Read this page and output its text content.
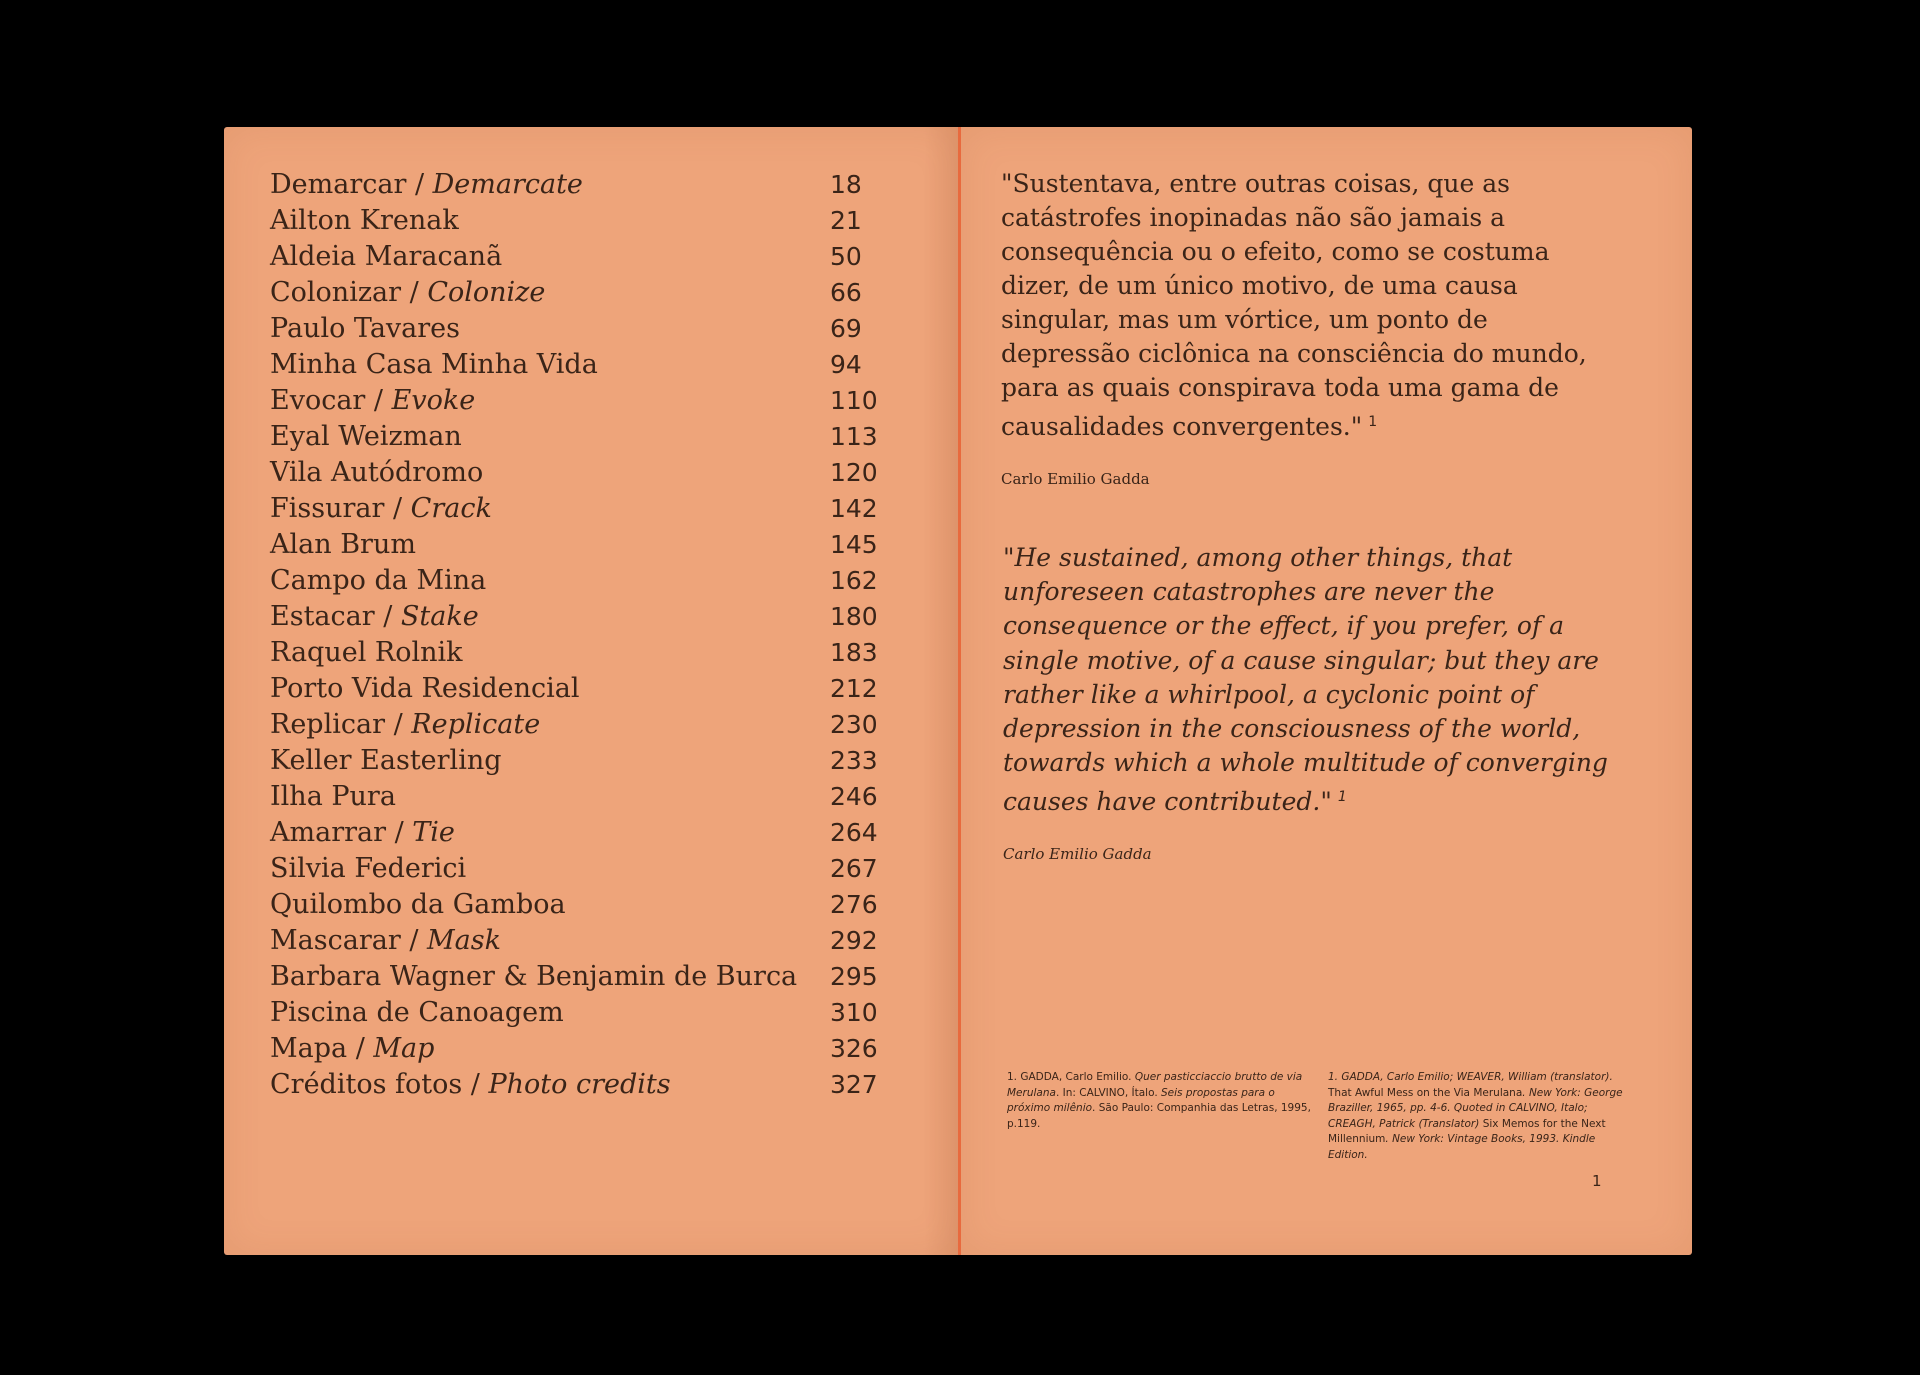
Demarcar / Demarcate	18
Ailton Krenak	21
Aldeia Maracanã	50
Colonizar / Colonize	66
Paulo Tavares	69
Minha Casa Minha Vida	94
Evocar / Evoke	110
Eyal Weizman	113
Vila Autódromo	120
Fissurar / Crack	142
Alan Brum	145
Campo da Mina	162
Estacar / Stake	180
Raquel Rolnik	183
Porto Vida Residencial	212
Replicar / Replicate	230
Keller Easterling	233
Ilha Pura	246
Amarrar / Tie	264
Silvia Federici	267
Quilombo da Gamboa	276
Mascarar / Mask	292
Barbara Wagner & Benjamin de Burca 295
Piscina de Canoagem	310
Mapa / Map	326
Créditos fotos / Photo credits	327
"Sustentava, entre outras coisas, que as catástrofes inopinadas não são jamais a consequência ou o efeito, como se costuma dizer, de um único motivo, de uma causa singular, mas um vórtice, um ponto de depressão ciclônica na consciência do mundo, para as quais conspirava toda uma gama de causalidades convergentes." $^1$
Carlo Emilio Gadda
"He sustained, among other things, that unforeseen catastrophes are never the consequence or the effect, if you prefer, of a single motive, of a cause singular; but they are rather like a whirlpool, a cyclonic point of depression in the consciousness of the world, towards which a whole multitude of converging causes have contributed." $^1$
Carlo Emilio Gadda
1. GADDA, Carlo Emilio. Quer pasticciaccio brutto de via Merulana. In: CALVINO, Ítalo. Seis propostas para o próximo milênio. São Paulo: Companhia das Letras, 1995, p.119.
1. GADDA, Carlo Emilio; WEAVER, William (translator). That Awful Mess on the Via Merulana. New York: George Braziller, 1965, pp. 4-6. Quoted in CALVINO, Italo; CREAGH, Patrick (Translator) Six Memos for the Next Millennium. New York: Vintage Books, 1993. Kindle Edition.
1
